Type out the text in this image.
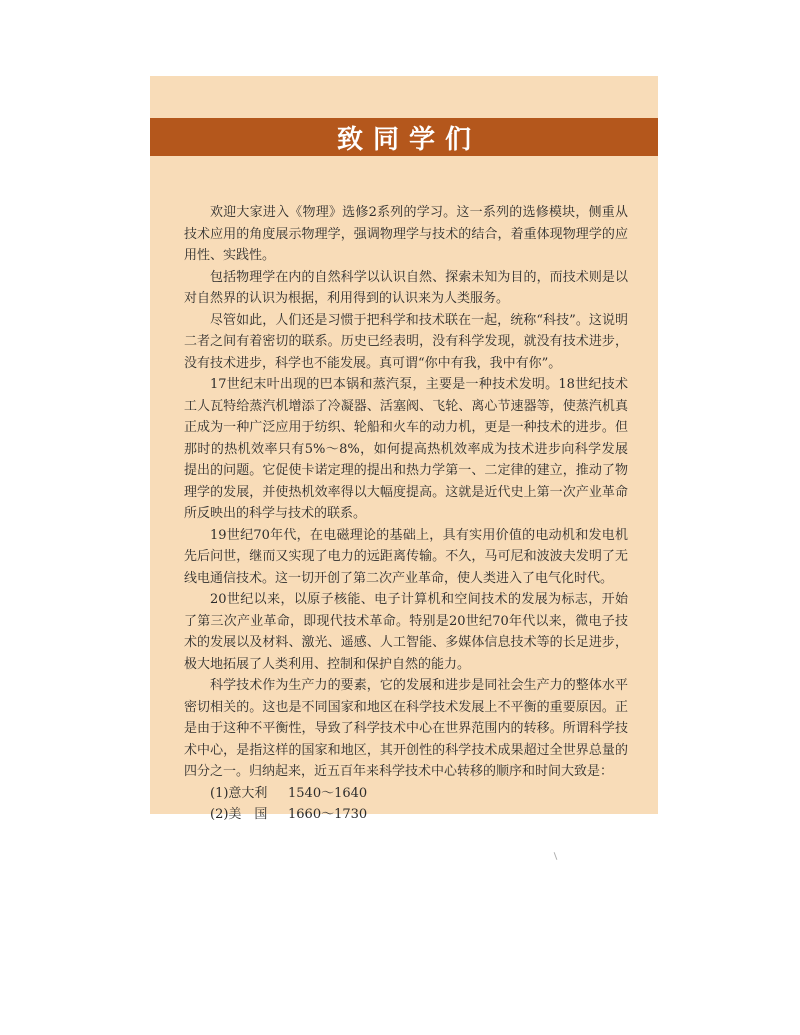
致同学们

欢迎大家进入《物理》选修2系列的学习。这一系列的选修模块，侧重从技术应用的角度展示物理学，强调物理学与技术的结合，着重体现物理学的应用性、实践性。

包括物理学在内的自然科学以认识自然、探索未知为目的，而技术则是以对自然界的认识为根据，利用得到的认识来为人类服务。

尽管如此，人们还是习惯于把科学和技术联在一起，统称“科技”。这说明二者之间有着密切的联系。历史已经表明，没有科学发现，就没有技术进步，没有技术进步，科学也不能发展。真可谓“你中有我，我中有你”。

17世纪末叶出现的巴本锅和蒸汽泵，主要是一种技术发明。18世纪技术工人瓦特给蒸汽机增添了冷凝器、活塞阀、飞轮、离心节速器等，使蒸汽机真正成为一种广泛应用于纺织、轮船和火车的动力机，更是一种技术的进步。但那时的热机效率只有5%～8%，如何提高热机效率成为技术进步向科学发展提出的问题。它促使卡诺定理的提出和热力学第一、二定律的建立，推动了物理学的发展，并使热机效率得以大幅度提高。这就是近代史上第一次产业革命所反映出的科学与技术的联系。

19世纪70年代，在电磁理论的基础上，具有实用价值的电动机和发电机先后问世，继而又实现了电力的远距离传输。不久，马可尼和波波夫发明了无线电通信技术。这一切开创了第二次产业革命，使人类进入了电气化时代。

20世纪以来，以原子核能、电子计算机和空间技术的发展为标志，开始了第三次产业革命，即现代技术革命。特别是20世纪70年代以来，微电子技术的发展以及材料、激光、遥感、人工智能、多媒体信息技术等的长足进步，极大地拓展了人类利用、控制和保护自然的能力。

科学技术作为生产力的要素，它的发展和进步是同社会生产力的整体水平密切相关的。这也是不同国家和地区在科学技术发展上不平衡的重要原因。正是由于这种不平衡性，导致了科学技术中心在世界范围内的转移。所谓科学技术中心，是指这样的国家和地区，其开创性的科学技术成果超过全世界总量的四分之一。归纳起来，近五百年来科学技术中心转移的顺序和时间大致是：

(1)意大利	1540～1640
(2)美　国	1660～1730
